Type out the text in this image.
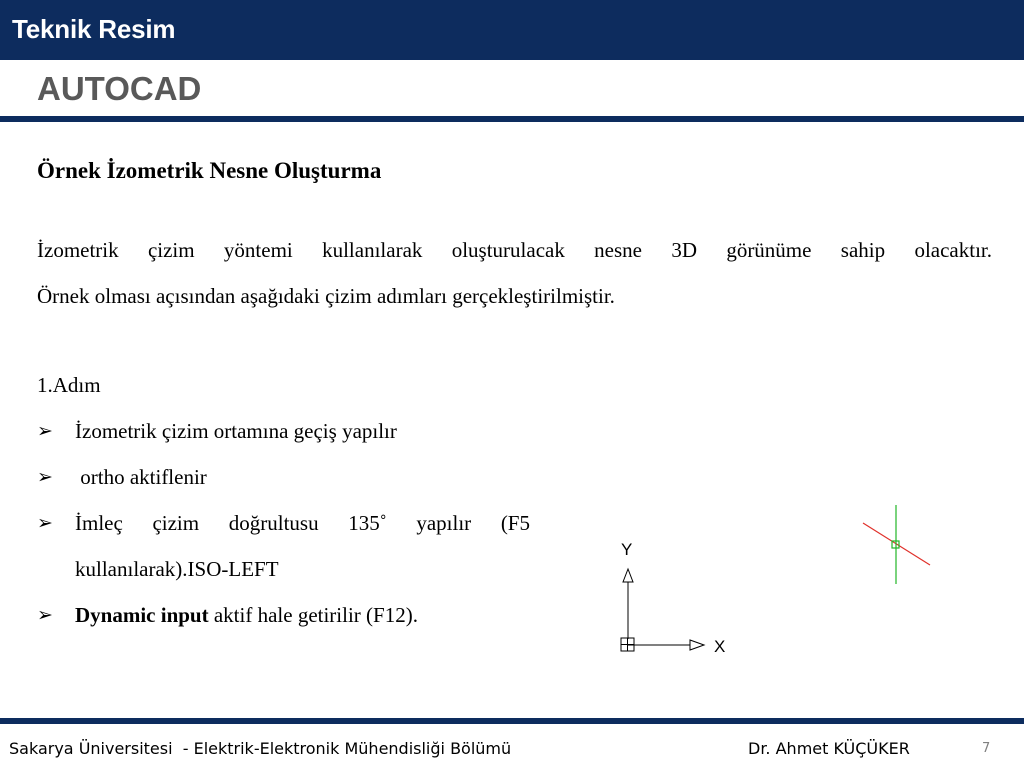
Teknik Resim
AUTOCAD

Örnek İzometrik Nesne Oluşturma

İzometrik çizim yöntemi kullanılarak oluşturulacak nesne 3D görünüme sahip olacaktır.
Örnek olması açısından aşağıdaki çizim adımları gerçekleştirilmiştir.

1.Adım

➢ İzometrik çizim ortamına geçiş yapılır
➢ ortho aktiflenir
➢ İmleç çizim doğrultusu 135˚ yapılır (F5
kullanılarak).ISO-LEFT
➢ Dynamic input aktif hale getirilir (F12).
Y
X
Sakarya Üniversitesi  - Elektrik-Elektronik Mühendisliği Bölümü	Dr. Ahmet KÜÇÜKER	7
